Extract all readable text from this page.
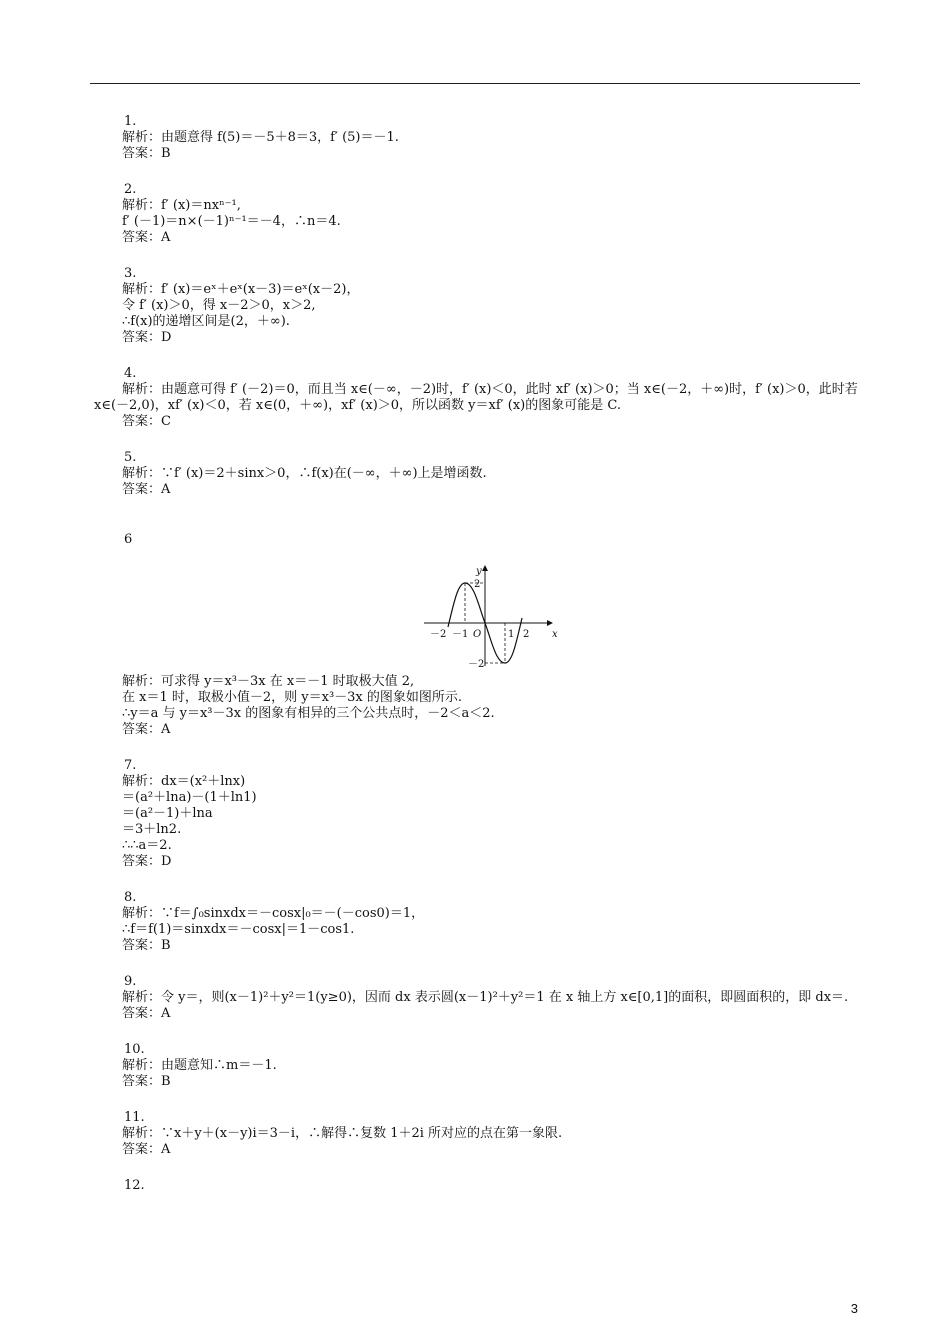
1.
解析：由题意得 f(5)＝－5＋8＝3，f′ (5)＝－1.
答案：B
2.
解析：f′ (x)＝nxⁿ⁻¹,
f′ (－1)＝n×(－1)ⁿ⁻¹＝－4，∴n＝4.
答案：A
3.
解析：f′ (x)＝eˣ＋eˣ(x－3)＝eˣ(x－2)，
令 f′ (x)＞0，得 x－2＞0，x＞2,
∴f(x)的递增区间是(2，＋∞).
答案：D
4.
解析：由题意可得 f′ (－2)＝0，而且当 x∈(－∞，－2)时，f′ (x)＜0，此时 xf′ (x)＞0；当 x∈(－2，＋∞)时，f′ (x)＞0，此时若 x∈(－2,0)，xf′ (x)＜0，若 x∈(0，＋∞)，xf′ (x)＞0，所以函数 y＝xf′ (x)的图象可能是 C.
答案：C
5.
解析：∵f′ (x)＝2＋sinx＞0，∴f(x)在(－∞，＋∞)上是增函数.
答案：A
6
y
x
O
－2 －1	1 2
2
－2
解析：可求得 y＝x³－3x 在 x＝－1 时取极大值 2,
在 x＝1 时，取极小值－2，则 y＝x³－3x 的图象如图所示.
∴y＝a 与 y＝x³－3x 的图象有相异的三个公共点时，－2＜a＜2.
答案：A
7.
解析：dx＝(x²＋lnx)
＝(a²＋lna)－(1＋ln1)
＝(a²－1)＋lna
＝3＋ln2.
∴∴a＝2.
答案：D
8.
解析：∵f＝∫₀sinxdx＝－cosx|₀＝－(－cos0)＝1，
∴f＝f(1)＝sinxdx＝－cosx|＝1－cos1.
答案：B
9.
解析：令 y＝，则(x－1)²＋y²＝1(y≥0)，因而 dx 表示圆(x－1)²＋y²＝1 在 x 轴上方 x∈[0,1]的面积，即圆面积的，即 dx＝.
答案：A
10.
解析：由题意知∴m＝－1.
答案：B
11.
解析：∵x＋y＋(x－y)i＝3－i，∴解得∴复数 1＋2i 所对应的点在第一象限.
答案：A
12.
3
